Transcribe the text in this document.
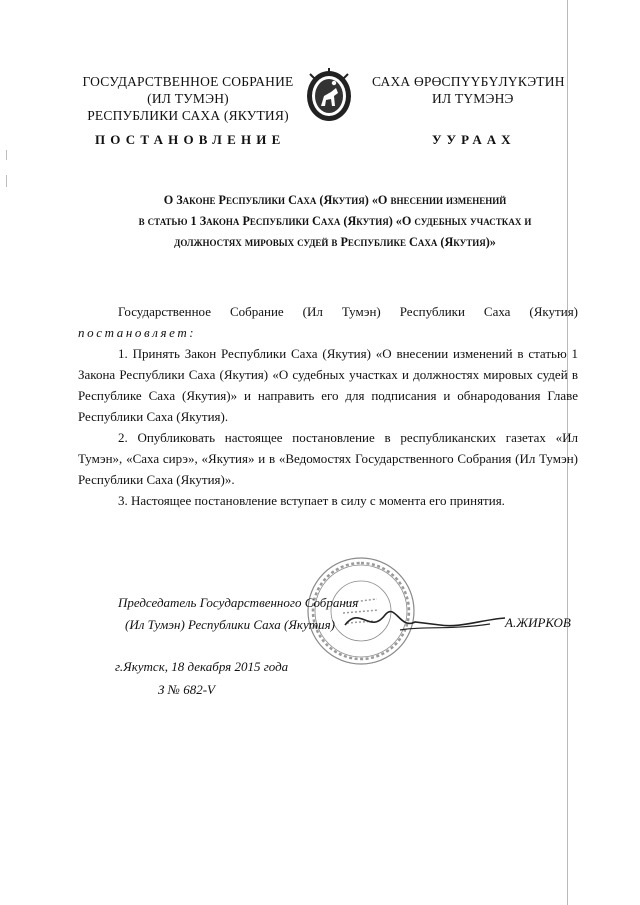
ГОСУДАРСТВЕННОЕ СОБРАНИЕ
(ИЛ ТУМЭН)
РЕСПУБЛИКИ САХА (ЯКУТИЯ)
САХА ӨРӨСПҮҮБҮЛҮКЭТИН
ИЛ ТҮМЭНЭ
ПОСТАНОВЛЕНИЕ	УУРААХ
О Законе Республики Саха (Якутия) «О внесении изменений
в статью 1 Закона Республики Саха (Якутия) «О судебных участках и
должностях мировых судей в Республике Саха (Якутия)»
Государственное Собрание (Ил Тумэн) Республики Саха (Якутия)
постановляет:
1. Принять Закон Республики Саха (Якутия) «О внесении изменений в статью 1 Закона Республики Саха (Якутия) «О судебных участках и должностях мировых судей в Республике Саха (Якутия)» и направить его для подписания и обнародования Главе Республики Саха (Якутия).
2. Опубликовать настоящее постановление в республиканских газетах «Ил Тумэн», «Саха сирэ», «Якутия» и в «Ведомостях Государственного Собрания (Ил Тумэн) Республики Саха (Якутия)».
3. Настоящее постановление вступает в силу с момента его принятия.
Председатель Государственного Собрания
(Ил Тумэн) Республики Саха (Якутия)	А.ЖИРКОВ
г.Якутск, 18 декабря 2015 года
З № 682-V
